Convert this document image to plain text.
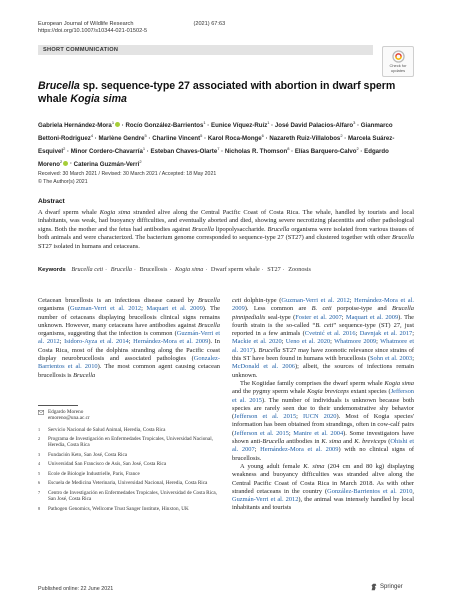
European Journal of Wildlife Research	(2021) 67:63
https://doi.org/10.1007/s10344-021-01502-5
SHORT COMMUNICATION
Check for
updates
Brucella sp. sequence-type 27 associated with abortion in dwarf sperm whale Kogia sima
Gabriela Hernández-Mora$^1$ · Rocío González-Barrientos$^1$ · Eunice Víquez-Ruíz$^1$ · José David Palacios-Alfaro$^3$ · Gianmarco Bettoni-Rodriguez$^4$ · Marlène Gendre$^5$ · Charline Vincent$^5$ · Karol Roca-Monge$^6$ · Nazareth Ruiz-Villalobos$^2$ · Marcela Suárez-Esquivel$^2$ · Minor Cordero-Chavarría$^1$ · Esteban Chaves-Olarte$^7$ · Nicholas R. Thomson$^8$ · Elías Barquero-Calvo$^2$ · Edgardo Moreno$^2$ · Caterina Guzmán-Verri$^2$
Received: 30 March 2021 / Revised: 30 March 2021 / Accepted: 18 May 2021
© The Author(s) 2021
Abstract
A dwarf sperm whale Kogia sima stranded alive along the Central Pacific Coast of Costa Rica. The whale, handled by tourists and local inhabitants, was weak, had buoyancy difficulties, and eventually aborted and died, showing severe necrotizing placentitis and other pathological signs. Both the mother and the fetus had antibodies against Brucella lipopolysaccharide. Brucella organisms were isolated from various tissues of both animals and were characterized. The bacterium genome corresponded to sequence-type 27 (ST27) and clustered together with other Brucella ST27 isolated in humans and cetaceans.
Keywords Brucella ceti · Brucella · Brucellosis · Kogia sima · Dwarf sperm whale · ST27 · Zoonosis

Cetacean brucellosis is an infectious disease caused by Brucella organisms (Guzman-Verri et al. 2012; Maquart et al. 2009). The number of cetaceans displaying brucellosis clinical signs remains unknown. However, many cetaceans have antibodies against Brucella organisms, suggesting that the infection is common (Guzmán-Verri et al. 2012; Isidoro-Ayza et al. 2014; Hernández-Mora et al. 2009). In Costa Rica, most of the dolphins stranding along the Pacific coast display neurobrucellosis and associated pathologies (Gonzalez-Barrientos et al. 2010). The most common agent causing cetacean brucellosis is Brucella

ceti dolphin-type (Guzman-Verri et al. 2012; Hernández-Mora et al. 2009). Less common are B. ceti porpoise-type and Brucella pinnipedialis seal-type (Foster et al. 2007; Maquart et al. 2009). The fourth strain is the so-called “B. ceti” sequence-type (ST) 27, just reported in a few animals (Cvetnić et al. 2016; Davnjak et al. 2017; Mackie et al. 2020; Ueno et al. 2020; Whatmore 2009; Whatmore et al. 2017). Brucella ST27 may have zoonotic relevance since strains of this ST have been found in humans with brucellosis (Sohn et al. 2003; McDonald et al. 2006); albeit, the sources of infections remain unknown.

The Kogiidae family comprises the dwarf sperm whale Kogia sima and the pygmy sperm whale Kogia breviceps extant species (Jefferson et al. 2015). The number of individuals is unknown because both species are rarely seen due to their undemonstrative shy behavior (Jefferson et al. 2015; IUCN 2020). Most of Kogia species' information has been obtained from strandings, often in cow-calf pairs (Jefferson et al. 2015; Manire et al. 2004). Some investigators have shown anti-Brucella antibodies in K. sima and K. breviceps (Ohishi et al. 2007; Hernández-Mora et al. 2009) with no clinical signs of brucellosis.

A young adult female K. sima (204 cm and 80 kg) displaying weakness and buoyancy difficulties was stranded alive along the Central Pacific Coast of Costa Rica in March 2018. As with other stranded cetaceans in the country (González-Barrientos et al. 2010, Guzmán-Verri et al. 2012), the animal was intensely handled by local inhabitants and tourists

Edgardo Moreno
emoreno@una.ac.cr
1	Servicio Nacional de Salud Animal, Heredia, Costa Rica
2	Programa de Investigación en Enfermedades Tropicales, Universidad Nacional, Heredia, Costa Rica
3	Fundación Keto, San José, Costa Rica
4	Universidad San Francisco de Asís, San José, Costa Rica
5	Ecole de Biologie Industrielle, Paris, France
6	Escuela de Medicina Veterinaria, Universidad Nacional, Heredia, Costa Rica
7	Centro de Investigación en Enfermedades Tropicales, Universidad de Costa Rica, San José, Costa Rica
8	Pathogen Genomics, Wellcome Trust Sanger Institute, Hinxton, UK
Published online: 22 June 2021	Springer
